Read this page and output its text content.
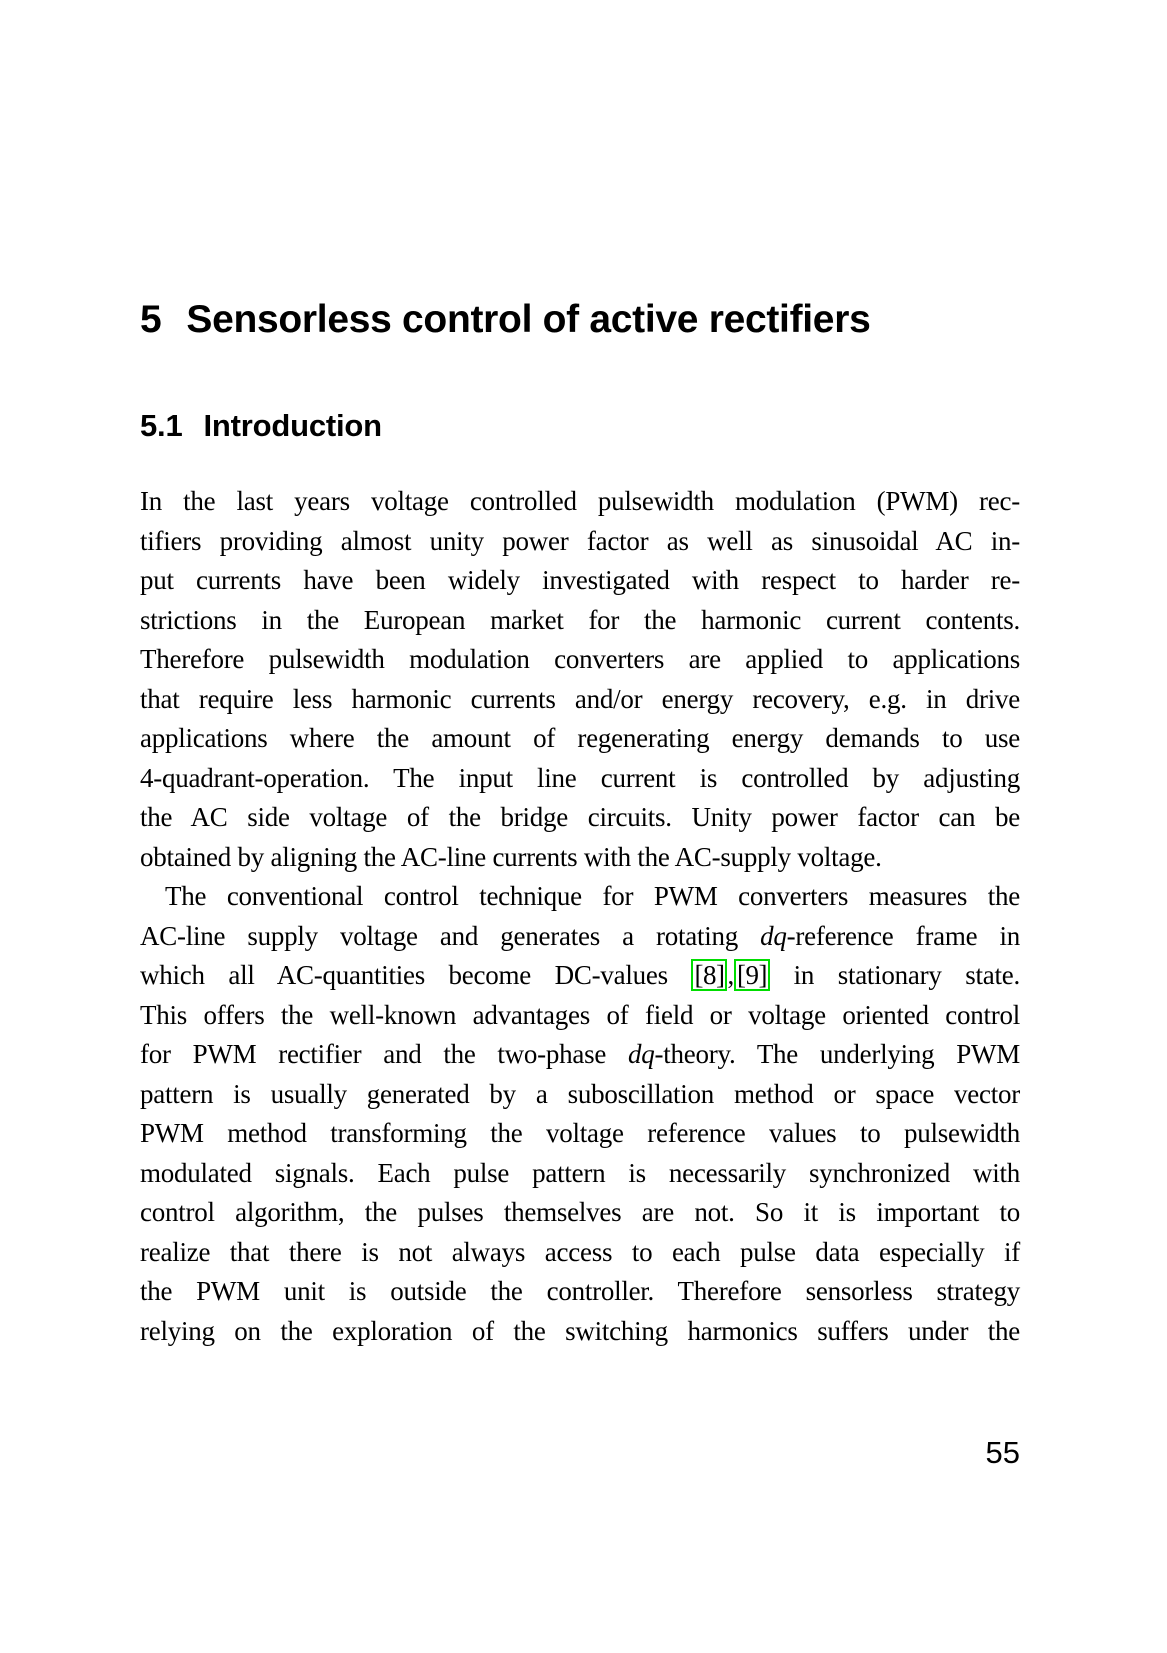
5 Sensorless control of active rectifiers
5.1 Introduction
In the last years voltage controlled pulsewidth modulation (PWM) rec-
tifiers providing almost unity power factor as well as sinusoidal AC in-
put currents have been widely investigated with respect to harder re-
strictions in the European market for the harmonic current contents.
Therefore pulsewidth modulation converters are applied to applications
that require less harmonic currents and/or energy recovery, e.g. in drive
applications where the amount of regenerating energy demands to use
4-quadrant-operation. The input line current is controlled by adjusting
the AC side voltage of the bridge circuits. Unity power factor can be
obtained by aligning the AC-line currents with the AC-supply voltage.
The conventional control technique for PWM converters measures the
AC-line supply voltage and generates a rotating dq-reference frame in
which all AC-quantities become DC-values [8] , [9] in stationary state.
This offers the well-known advantages of field or voltage oriented control
for PWM rectifier and the two-phase dq-theory. The underlying PWM
pattern is usually generated by a suboscillation method or space vector
PWM method transforming the voltage reference values to pulsewidth
modulated signals. Each pulse pattern is necessarily synchronized with
control algorithm, the pulses themselves are not. So it is important to
realize that there is not always access to each pulse data especially if
the PWM unit is outside the controller. Therefore sensorless strategy
relying on the exploration of the switching harmonics suffers under the
55
